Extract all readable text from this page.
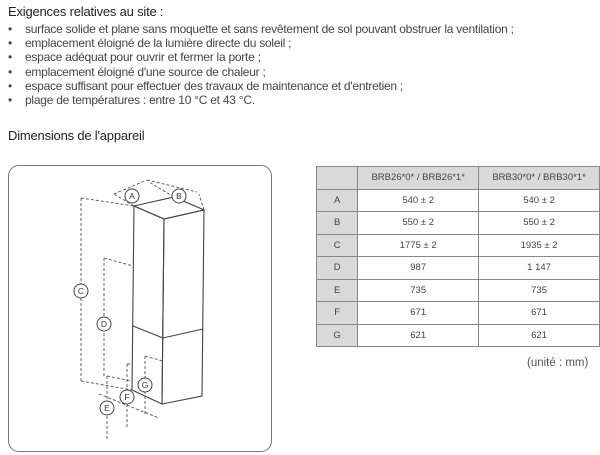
Exigences relatives au site :
• surface solide et plane sans moquette et sans revêtement de sol pouvant obstruer la ventilation ;
• emplacement éloigné de la lumière directe du soleil ;
• espace adéquat pour ouvrir et fermer la porte ;
• emplacement éloigné d'une source de chaleur ;
• espace suffisant pour effectuer des travaux de maintenance et d'entretien ;
• plage de températures : entre 10 °C et 43 °C.
Dimensions de l'appareil
A	B
C
D
E
F
G
	BRB26*0* / BRB26*1*	BRB30*0* / BRB30*1*
A	540 ± 2	540 ± 2
B	550 ± 2	550 ± 2
C	1775 ± 2	1935 ± 2
D	987	1 147
E	735	735
F	671	671
G	621	621
(unité : mm)
